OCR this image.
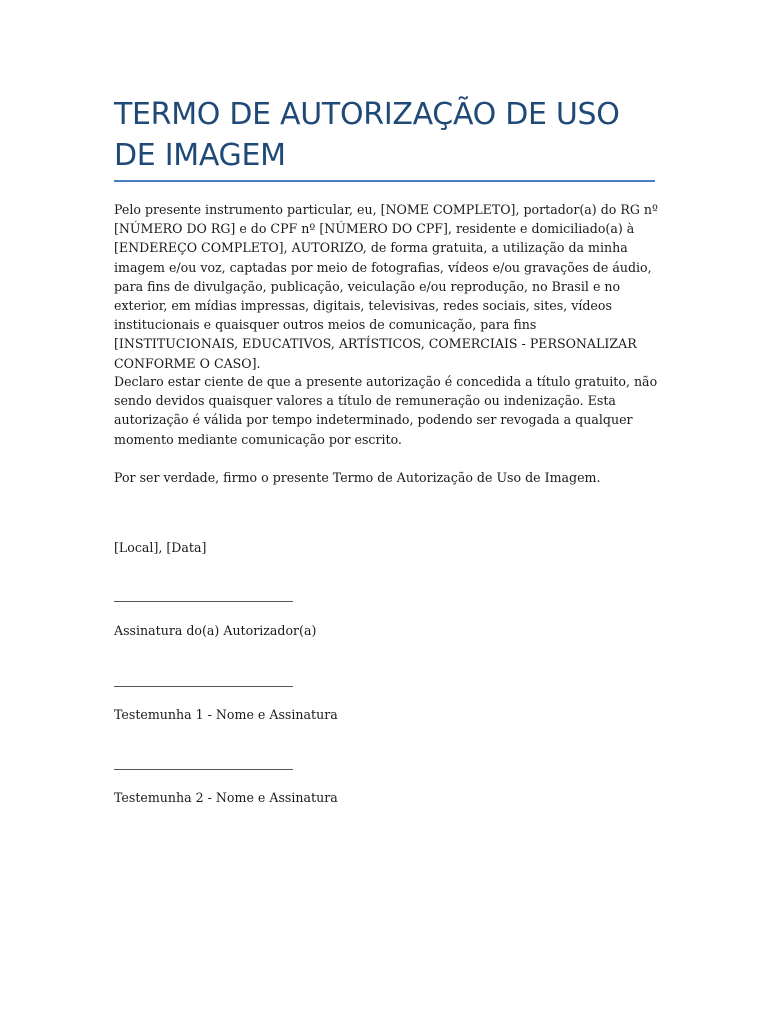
TERMO DE AUTORIZAÇÃO DE USO DE IMAGEM

Pelo presente instrumento particular, eu, [NOME COMPLETO], portador(a) do RG nº [NÚMERO DO RG] e do CPF nº [NÚMERO DO CPF], residente e domiciliado(a) à [ENDEREÇO COMPLETO], AUTORIZO, de forma gratuita, a utilização da minha imagem e/ou voz, captadas por meio de fotografias, vídeos e/ou gravações de áudio, para fins de divulgação, publicação, veiculação e/ou reprodução, no Brasil e no exterior, em mídias impressas, digitais, televisivas, redes sociais, sites, vídeos institucionais e quaisquer outros meios de comunicação, para fins [INSTITUCIONAIS, EDUCATIVOS, ARTÍSTICOS, COMERCIAIS - PERSONALIZAR CONFORME O CASO].

Declaro estar ciente de que a presente autorização é concedida a título gratuito, não sendo devidos quaisquer valores a título de remuneração ou indenização. Esta autorização é válida por tempo indeterminado, podendo ser revogada a qualquer momento mediante comunicação por escrito.

Por ser verdade, firmo o presente Termo de Autorização de Uso de Imagem.

[Local], [Data]

Assinatura do(a) Autorizador(a)

Testemunha 1 - Nome e Assinatura

Testemunha 2 - Nome e Assinatura
